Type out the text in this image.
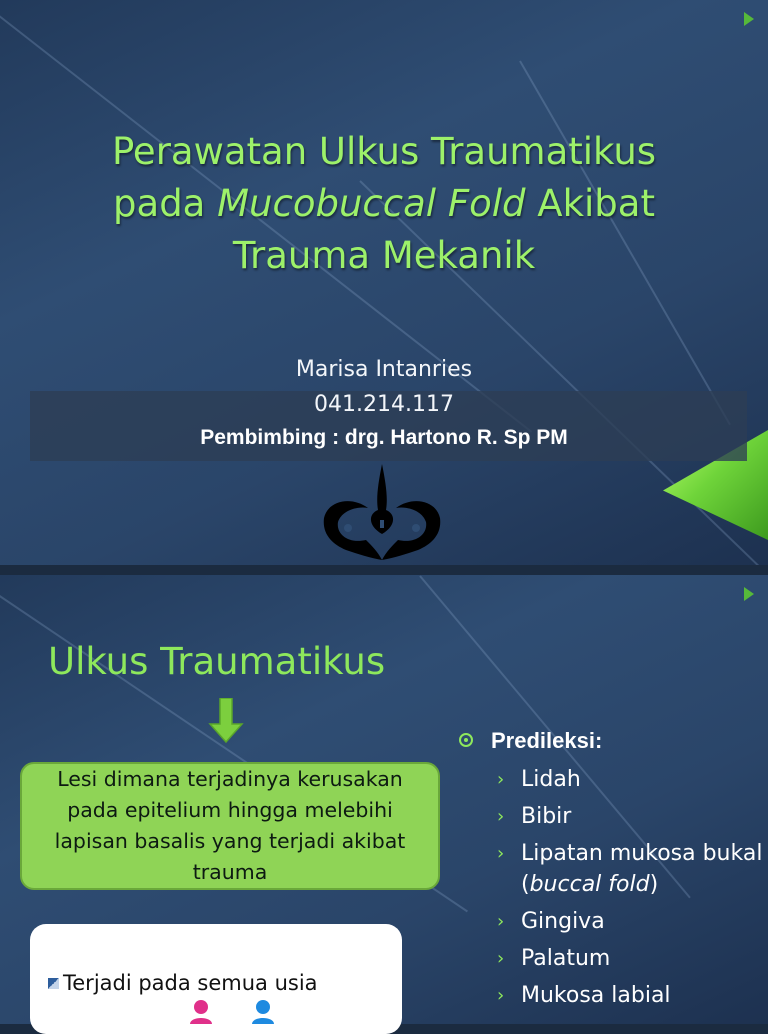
Perawatan Ulkus Traumatikus
pada Mucobuccal Fold Akibat
Trauma Mekanik
Marisa Intanries
041.214.117
Pembimbing : drg. Hartono R. Sp PM
Ulkus Traumatikus
Lesi dimana terjadinya kerusakan pada epitelium hingga melebihi lapisan basalis yang terjadi akibat trauma
Terjadi pada semua usia
Predileksi:
› Lidah
› Bibir
› Lipatan mukosa bukal (buccal fold)
› Gingiva
› Palatum
› Mukosa labial
